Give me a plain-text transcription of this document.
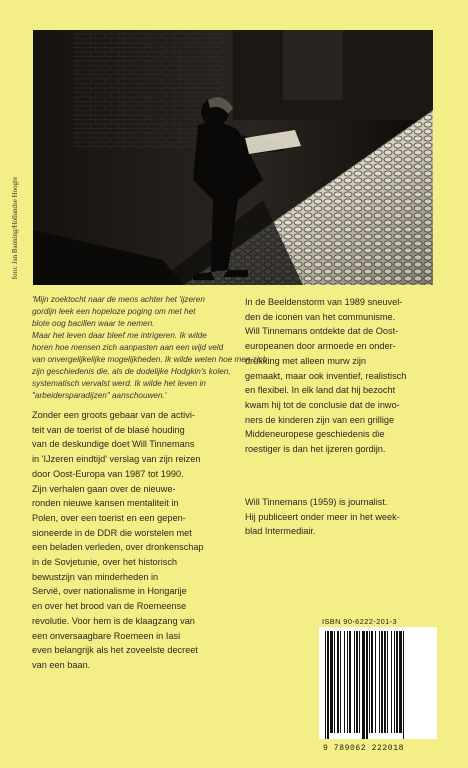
foto: Jan Banning/Hollandse Hoogte
'Mijn zoektocht naar de mens achter het 'ijzeren
gordijn leek een hopeloze poging om met het
blote oog bacillen waar te nemen.
Maar het leven daar bleef me intrigeren. Ik wilde
horen hoe mensen zich aanpasten aan een wijd veld
van onvergelijkelijke mogelijkheden. Ik wilde weten hoe men zich
zijn geschiedenis die, als de dodelijke Hodgkin's kolen,
systematisch vervalst werd. Ik wilde het leven in
"arbeidersparadijzen" aanschouwen.'
Zonder een groots gebaar van de activi-
teit van de toerist of de blasé houding
van de deskundige doet Will Tinnemans
in 'IJzeren eindtijd' verslag van zijn reizen
door Oost-Europa van 1987 tot 1990.
Zijn verhalen gaan over de nieuwe-
ronden nieuwe kansen mentaliteit in
Polen, over een toerist en een gepen-
sioneerde in de DDR die worstelen met
een beladen verleden, over dronkenschap
in de Sovjetunie, over het historisch
bewustzijn van minderheden in
Servië, over nationalisme in Hongarije
en over het brood van de Roemeense
revolutie. Voor hem is de klaagzang van
een onversaagbare Roemeen in Iasi
even belangrijk als het zoveelste decreet
van een baan.
In de Beeldenstorm van 1989 sneuvel-
den de iconen van het communisme.
Will Tinnemans ontdekte dat de Oost-
europeanen door armoede en onder-
drukking met alleen murw zijn
gemaakt, maar ook inventief, realistisch
en flexibel. In elk land dat hij bezocht
kwam hij tot de conclusie dat de inwo-
ners de kinderen zijn van een grillige
Middeneuropese geschiedenis die
roestiger is dan het ijzeren gordijn.
Will Tinnemans (1959) is journalist.
Hij publiceert onder meer in het week-
blad Intermediair.
ISBN 90-6222-201-3
9 789062 222018
